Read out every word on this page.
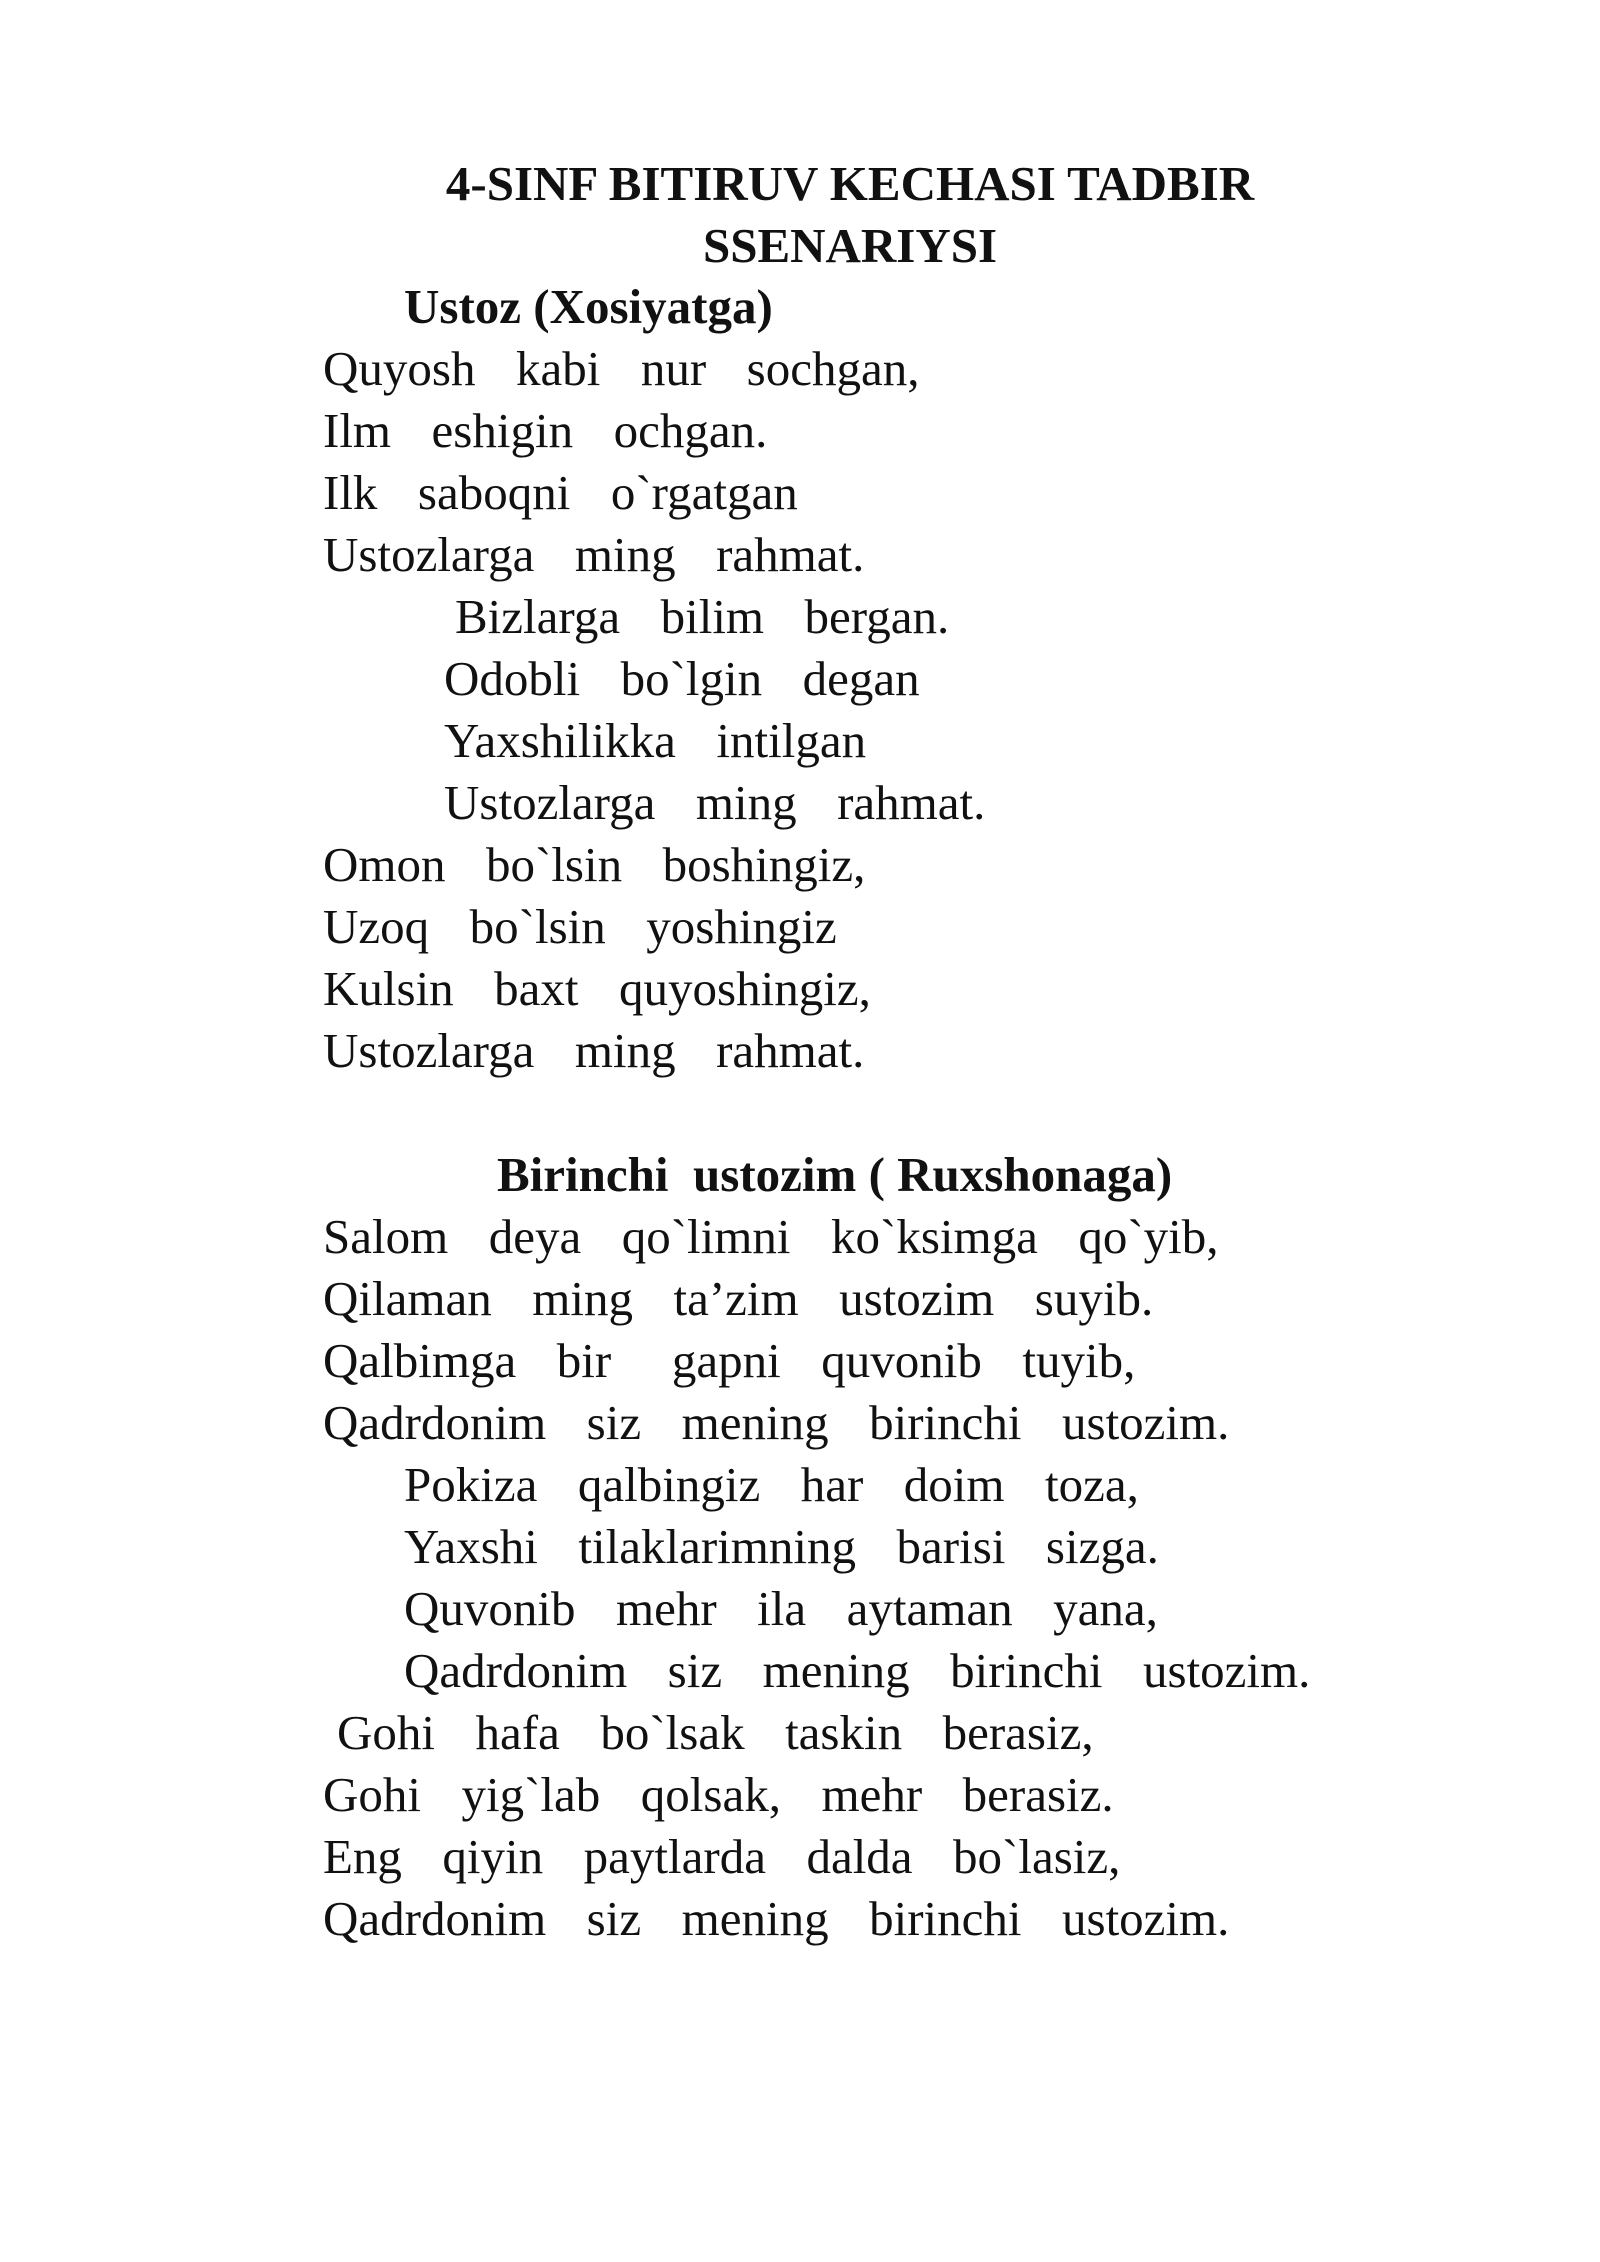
4-SINF BITIRUV KECHASI TADBIR
SSENARIYSI
Ustoz (Xosiyatga)
Quyosh  kabi  nur  sochgan,
Ilm  eshigin  ochgan.
Ilk  saboqni  o`rgatgan
Ustozlarga  ming  rahmat.
Bizlarga  bilim  bergan.
Odobli  bo`lgin  degan
Yaxshilikka  intilgan
Ustozlarga  ming  rahmat.
Omon  bo`lsin  boshingiz,
Uzoq  bo`lsin  yoshingiz
Kulsin  baxt  quyoshingiz,
Ustozlarga  ming  rahmat.
Birinchi  ustozim ( Ruxshonaga)
Salom  deya  qo`limni  ko`ksimga  qo`yib,
Qilaman  ming  ta’zim  ustozim  suyib.
Qalbimga  bir   gapni  quvonib  tuyib,
Qadrdonim  siz  mening  birinchi  ustozim.
Pokiza  qalbingiz  har  doim  toza,
Yaxshi  tilaklarimning  barisi  sizga.
Quvonib  mehr  ila  aytaman  yana,
Qadrdonim  siz  mening  birinchi  ustozim.
Gohi  hafa  bo`lsak  taskin  berasiz,
Gohi  yig`lab  qolsak,  mehr  berasiz.
Eng  qiyin  paytlarda  dalda  bo`lasiz,
Qadrdonim  siz  mening  birinchi  ustozim.
